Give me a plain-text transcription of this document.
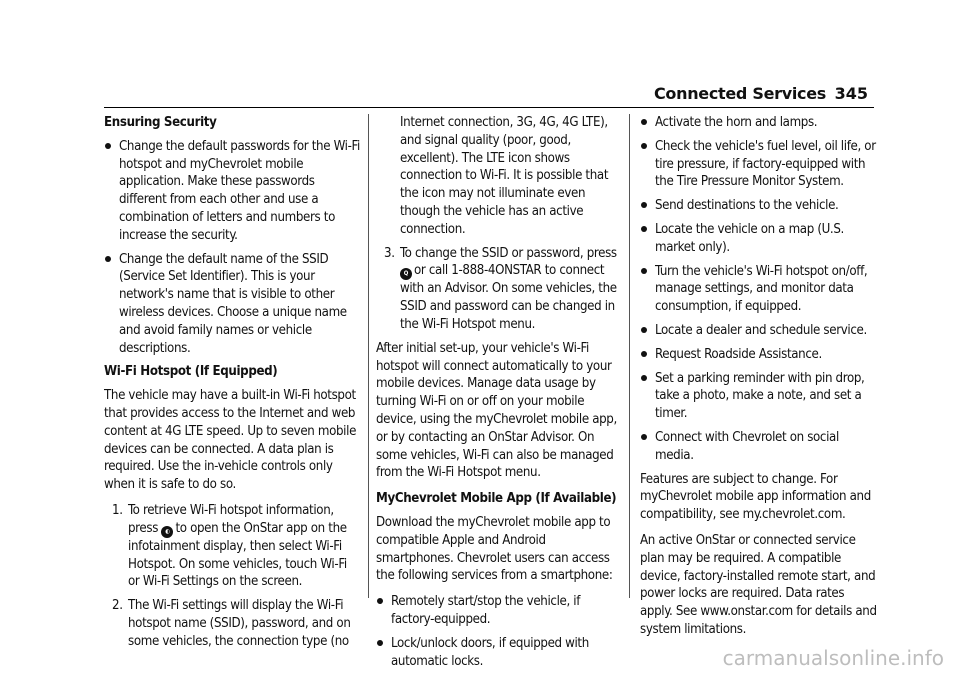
Connected Services 345
Ensuring Security
Change the default passwords for the Wi-Fi hotspot and myChevrolet mobile application. Make these passwords different from each other and use a combination of letters and numbers to increase the security.
Change the default name of the SSID (Service Set Identifier). This is your network's name that is visible to other wireless devices. Choose a unique name and avoid family names or vehicle descriptions.
Wi-Fi Hotspot (If Equipped)

The vehicle may have a built-in Wi-Fi hotspot that provides access to the Internet and web content at 4G LTE speed. Up to seven mobile devices can be connected. A data plan is required. Use the in-vehicle controls only when it is safe to do so.

1. To retrieve Wi-Fi hotspot information, press ◐ to open the OnStar app on the infotainment display, then select Wi-Fi Hotspot. On some vehicles, touch Wi-Fi or Wi-Fi Settings on the screen.
2. The Wi-Fi settings will display the Wi-Fi hotspot name (SSID), password, and on some vehicles, the connection type (no
Internet connection, 3G, 4G, 4G LTE), and signal quality (poor, good, excellent). The LTE icon shows connection to Wi-Fi. It is possible that the icon may not illuminate even though the vehicle has an active connection.
3. To change the SSID or password, press Q or call 1-888-4ONSTAR to connect with an Advisor. On some vehicles, the SSID and password can be changed in the Wi-Fi Hotspot menu.

After initial set-up, your vehicle's Wi-Fi hotspot will connect automatically to your mobile devices. Manage data usage by turning Wi-Fi on or off on your mobile device, using the myChevrolet mobile app, or by contacting an OnStar Advisor. On some vehicles, Wi-Fi can also be managed from the Wi-Fi Hotspot menu.

MyChevrolet Mobile App (If Available)

Download the myChevrolet mobile app to compatible Apple and Android smartphones. Chevrolet users can access the following services from a smartphone:

Remotely start/stop the vehicle, if factory-equipped.
Lock/unlock doors, if equipped with automatic locks.
Activate the horn and lamps.
Check the vehicle's fuel level, oil life, or tire pressure, if factory-equipped with the Tire Pressure Monitor System.
Send destinations to the vehicle.
Locate the vehicle on a map (U.S. market only).
Turn the vehicle's Wi-Fi hotspot on/off, manage settings, and monitor data consumption, if equipped.
Locate a dealer and schedule service.
Request Roadside Assistance.
Set a parking reminder with pin drop, take a photo, make a note, and set a timer.
Connect with Chevrolet on social media.

Features are subject to change. For myChevrolet mobile app information and compatibility, see my.chevrolet.com.

An active OnStar or connected service plan may be required. A compatible device, factory-installed remote start, and power locks are required. Data rates apply. See www.onstar.com for details and system limitations.

carmanualsonline.info
